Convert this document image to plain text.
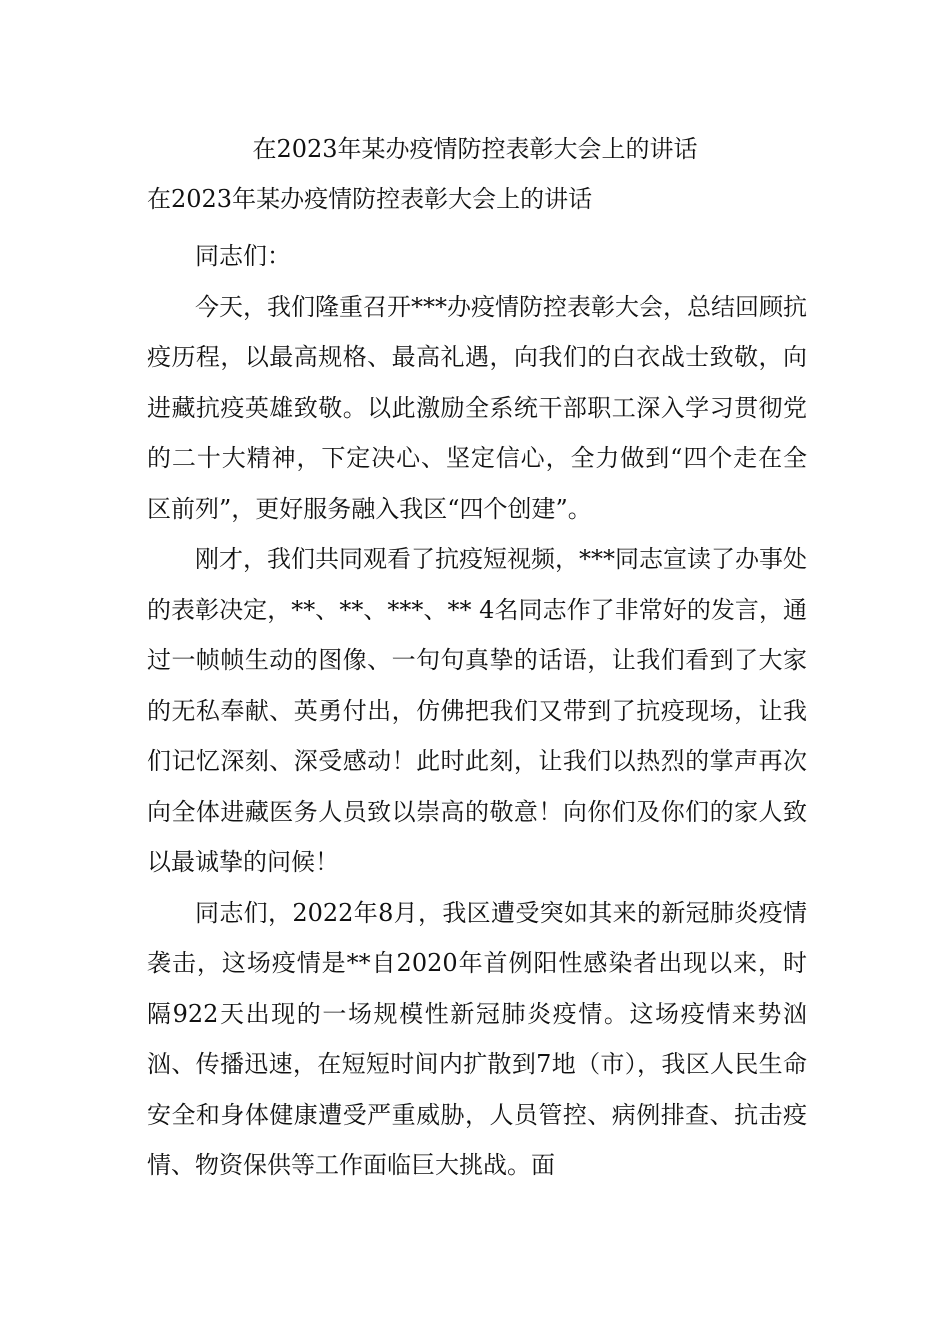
在2023年某办疫情防控表彰大会上的讲话
在2023年某办疫情防控表彰大会上的讲话

同志们：

今天，我们隆重召开***办疫情防控表彰大会，总结回顾抗疫历程，以最高规格、最高礼遇，向我们的白衣战士致敬，向进藏抗疫英雄致敬。以此激励全系统干部职工深入学习贯彻党的二十大精神，下定决心、坚定信心，全力做到“四个走在全区前列”，更好服务融入我区“四个创建”。

刚才，我们共同观看了抗疫短视频，***同志宣读了办事处的表彰决定，**、**、***、** 4名同志作了非常好的发言，通过一帧帧生动的图像、一句句真挚的话语，让我们看到了大家的无私奉献、英勇付出，仿佛把我们又带到了抗疫现场，让我们记忆深刻、深受感动！此时此刻，让我们以热烈的掌声再次向全体进藏医务人员致以崇高的敬意！向你们及你们的家人致以最诚挚的问候！

同志们，2022年8月，我区遭受突如其来的新冠肺炎疫情袭击，这场疫情是**自2020年首例阳性感染者出现以来，时隔922天出现的一场规模性新冠肺炎疫情。这场疫情来势汹汹、传播迅速，在短短时间内扩散到7地（市），我区人民生命安全和身体健康遭受严重威胁，人员管控、病例排查、抗击疫情、物资保供等工作面临巨大挑战。面
